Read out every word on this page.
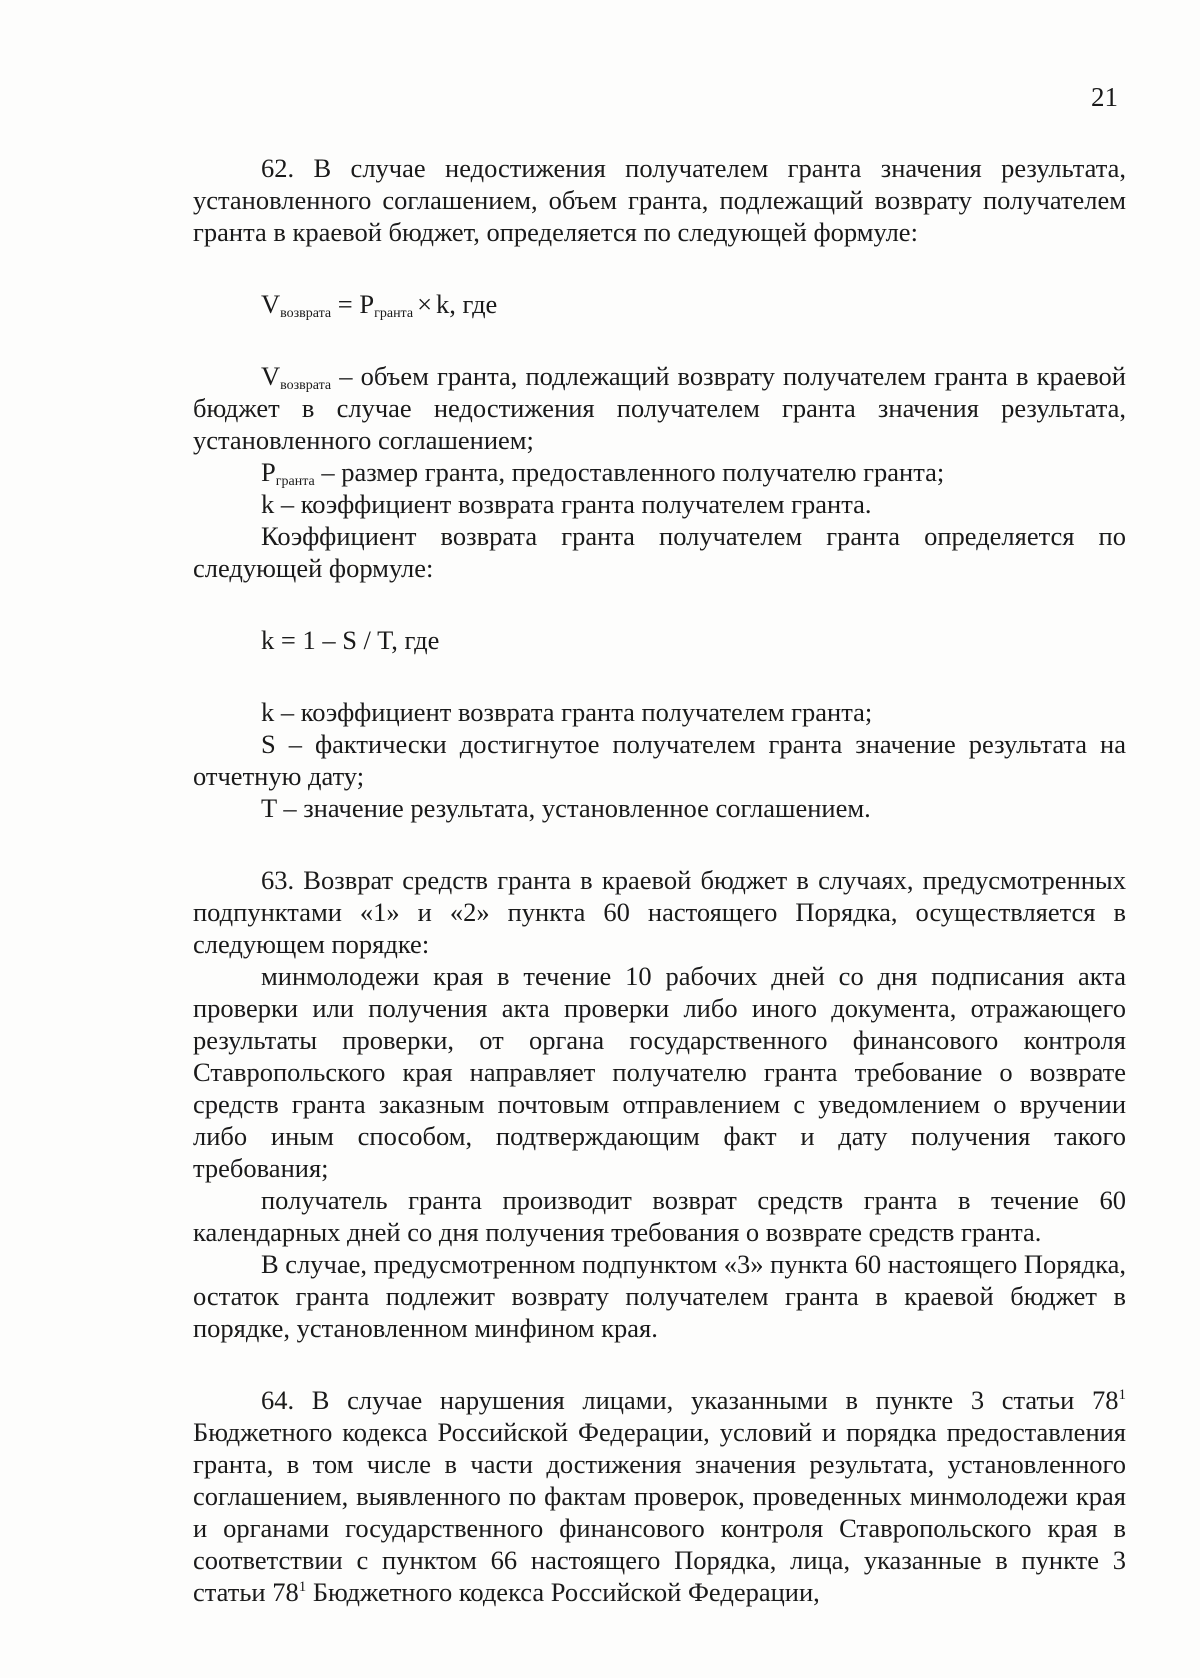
21

62. В случае недостижения получателем гранта значения результата, установленного соглашением, объем гранта, подлежащий возврату получателем гранта в краевой бюджет, определяется по следующей формуле:

$V_{возврата} = P_{гранта} \times k$, где

$V_{возврата}$ – объем гранта, подлежащий возврату получателем гранта в краевой бюджет в случае недостижения получателем гранта значения результата, установленного соглашением;

$P_{гранта}$ – размер гранта, предоставленного получателю гранта;

k – коэффициент возврата гранта получателем гранта.

Коэффициент возврата гранта получателем гранта определяется по следующей формуле:

k = 1 – S / T, где

k – коэффициент возврата гранта получателем гранта;

S – фактически достигнутое получателем гранта значение результата на отчетную дату;

T – значение результата, установленное соглашением.

63. Возврат средств гранта в краевой бюджет в случаях, предусмотренных подпунктами «1» и «2» пункта 60 настоящего Порядка, осуществляется в следующем порядке:

минмолодежи края в течение 10 рабочих дней со дня подписания акта проверки или получения акта проверки либо иного документа, отражающего результаты проверки, от органа государственного финансового контроля Ставропольского края направляет получателю гранта требование о возврате средств гранта заказным почтовым отправлением с уведомлением о вручении либо иным способом, подтверждающим факт и дату получения такого требования;

получатель гранта производит возврат средств гранта в течение 60 календарных дней со дня получения требования о возврате средств гранта.

В случае, предусмотренном подпунктом «3» пункта 60 настоящего Порядка, остаток гранта подлежит возврату получателем гранта в краевой бюджет в порядке, установленном минфином края.

64. В случае нарушения лицами, указанными в пункте 3 статьи $78^1$ Бюджетного кодекса Российской Федерации, условий и порядка предоставления гранта, в том числе в части достижения значения результата, установленного соглашением, выявленного по фактам проверок, проведенных минмолодежи края и органами государственного финансового контроля Ставропольского края в соответствии с пунктом 66 настоящего Порядка, лица, указанные в пункте 3 статьи $78^1$ Бюджетного кодекса Российской Федерации,
